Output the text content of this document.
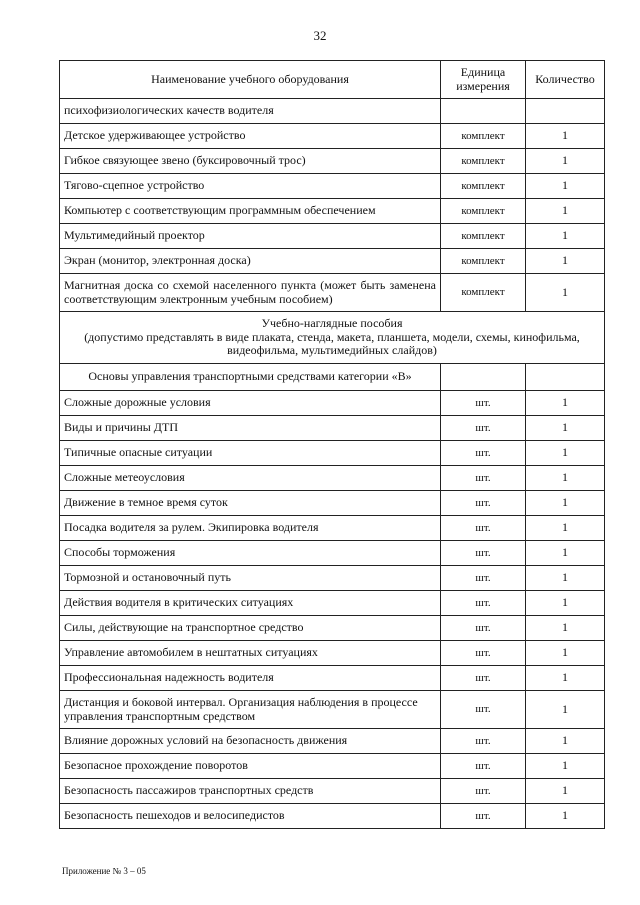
32
Наименование учебного оборудования	Единица измерения	Количество
психофизиологических качеств водителя		
Детское удерживающее устройство	комплект	1
Гибкое связующее звено (буксировочный трос)	комплект	1
Тягово-сцепное устройство	комплект	1
Компьютер с соответствующим программным обеспечением	комплект	1
Мультимедийный проектор	комплект	1
Экран (монитор, электронная доска)	комплект	1
Магнитная доска со схемой населенного пункта (может быть заменена соответствующим электронным учебным пособием)	комплект	1

Учебно-наглядные пособия
(допустимо представлять в виде плаката, стенда, макета, планшета, модели, схемы, кинофильма, видеофильма, мультимедийных слайдов)		

Основы управления транспортными средствами категории «В»		
Сложные дорожные условия	шт.	1
Виды и причины ДТП	шт.	1
Типичные опасные ситуации	шт.	1
Сложные метеоусловия	шт.	1
Движение в темное время суток	шт.	1
Посадка водителя за рулем. Экипировка водителя	шт.	1
Способы торможения	шт.	1
Тормозной и остановочный путь	шт.	1
Действия водителя в критических ситуациях	шт.	1
Силы, действующие на транспортное средство	шт.	1
Управление автомобилем в нештатных ситуациях	шт.	1
Профессиональная надежность водителя	шт.	1
Дистанция и боковой интервал. Организация наблюдения в процессе управления транспортным средством	шт.	1
Влияние дорожных условий на безопасность движения	шт.	1
Безопасное прохождение поворотов	шт.	1
Безопасность пассажиров транспортных средств	шт.	1
Безопасность пешеходов и велосипедистов	шт.	1
Приложение № 3 – 05
